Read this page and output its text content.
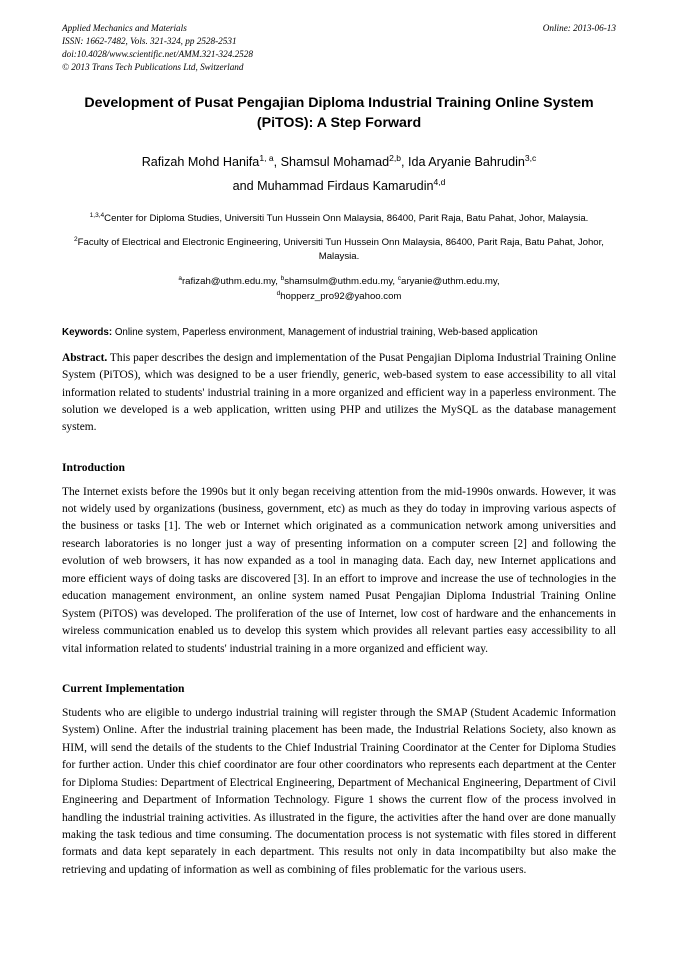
Applied Mechanics and Materials
ISSN: 1662-7482, Vols. 321-324, pp 2528-2531
doi:10.4028/www.scientific.net/AMM.321-324.2528
© 2013 Trans Tech Publications Ltd, Switzerland
Online: 2013-06-13
Development of Pusat Pengajian Diploma Industrial Training Online System (PiTOS): A Step Forward
Rafizah Mohd Hanifa$^{1, a}$, Shamsul Mohamad$^{2,b}$, Ida Aryanie Bahrudin$^{3,c}$
and Muhammad Firdaus Kamarudin$^{4,d}$

$^{1,3,4}$Center for Diploma Studies, Universiti Tun Hussein Onn Malaysia, 86400, Parit Raja, Batu Pahat, Johor, Malaysia.

$^2$Faculty of Electrical and Electronic Engineering, Universiti Tun Hussein Onn Malaysia, 86400, Parit Raja, Batu Pahat, Johor, Malaysia.

$^a$rafizah@uthm.edu.my, $^b$shamsulm@uthm.edu.my, $^c$aryanie@uthm.edu.my,
$^d$hopperz_pro92@yahoo.com
Keywords: Online system, Paperless environment, Management of industrial training, Web-based application
Abstract. This paper describes the design and implementation of the Pusat Pengajian Diploma Industrial Training Online System (PiTOS), which was designed to be a user friendly, generic, web-based system to ease accessibility to all vital information related to students' industrial training in a more organized and efficient way in a paperless environment. The solution we developed is a web application, written using PHP and utilizes the MySQL as the database management system.
Introduction

The Internet exists before the 1990s but it only began receiving attention from the mid-1990s onwards. However, it was not widely used by organizations (business, government, etc) as much as they do today in improving various aspects of the business or tasks [1]. The web or Internet which originated as a communication network among universities and research laboratories is no longer just a way of presenting information on a computer screen [2] and following the evolution of web browsers, it has now expanded as a tool in managing data. Each day, new Internet applications and more efficient ways of doing tasks are discovered [3]. In an effort to improve and increase the use of technologies in the education management environment, an online system named Pusat Pengajian Diploma Industrial Training Online System (PiTOS) was developed. The proliferation of the use of Internet, low cost of hardware and the enhancements in wireless communication enabled us to develop this system which provides all relevant parties easy accessibility to all vital information related to students' industrial training in a more organized and efficient way.

Current Implementation

Students who are eligible to undergo industrial training will register through the SMAP (Student Academic Information System) Online. After the industrial training placement has been made, the Industrial Relations Society, also known as HIM, will send the details of the students to the Chief Industrial Training Coordinator at the Center for Diploma Studies for further action. Under this chief coordinator are four other coordinators who represents each department at the Center for Diploma Studies: Department of Electrical Engineering, Department of Mechanical Engineering, Department of Civil Engineering and Department of Information Technology. Figure 1 shows the current flow of the process involved in handling the industrial training activities. As illustrated in the figure, the activities after the hand over are done manually making the task tedious and time consuming. The documentation process is not systematic with files stored in different formats and data kept separately in each department. This results not only in data incompatibilty but also make the retrieving and updating of information as well as combining of files problematic for the various users.
